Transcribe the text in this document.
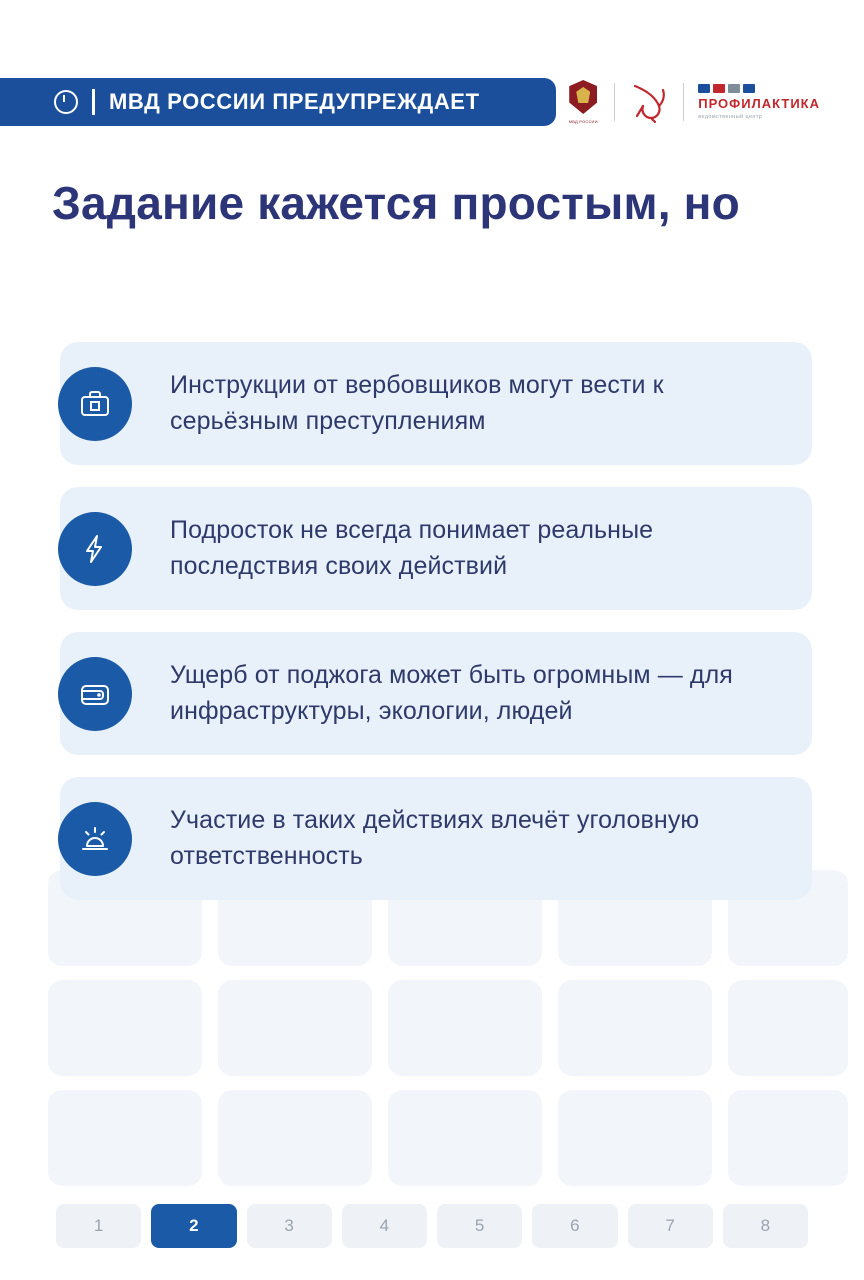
МВД РОССИИ ПРЕДУПРЕЖДАЕТ
МВД РОССИИ
ПРОФИЛАКТИКА
ведомственный центр
Задание кажется простым, но
Инструкции от вербовщиков могут вести к серьёзным преступлениям
Подросток не всегда понимает реальные последствия своих действий
Ущерб от поджога может быть огромным — для инфраструктуры, экологии, людей
Участие в таких действиях влечёт уголовную ответственность
1	2	3	4	5	6	7	8
